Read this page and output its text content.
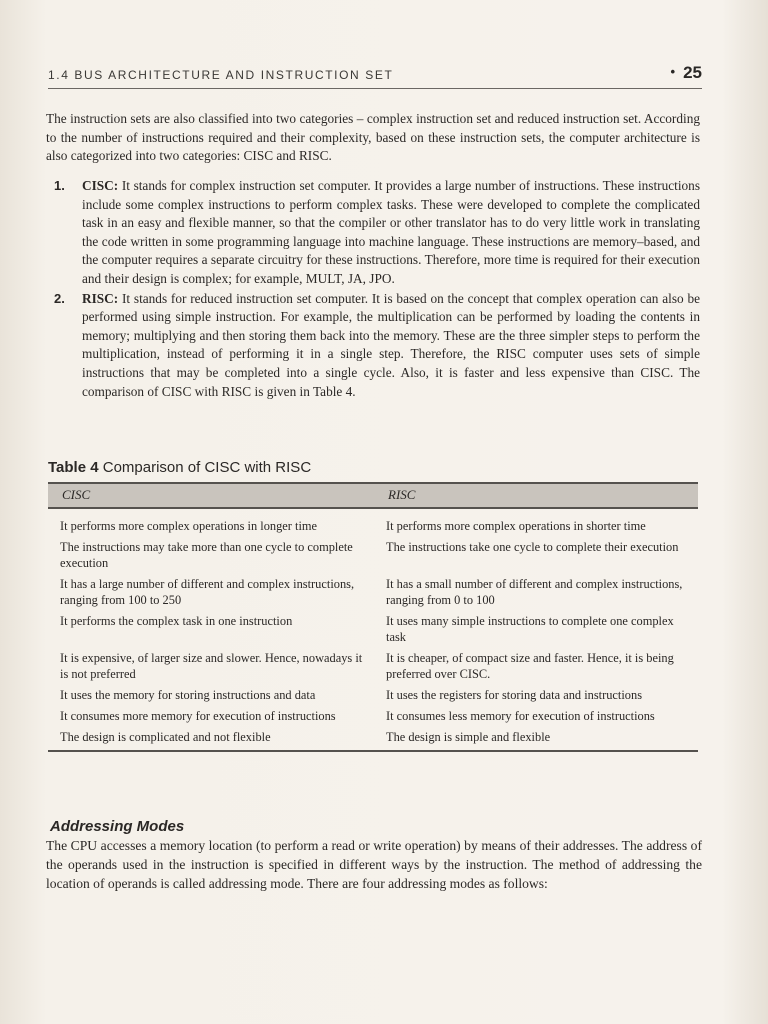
1.4 BUS ARCHITECTURE AND INSTRUCTION SET	• 25

The instruction sets are also classified into two categories – complex instruction set and reduced instruction set. According to the number of instructions required and their complexity, based on these instruction sets, the computer architecture is also categorized into two categories: CISC and RISC.

1. CISC: It stands for complex instruction set computer. It provides a large number of instructions. These instructions include some complex instructions to perform complex tasks. These were developed to complete the complicated task in an easy and flexible manner, so that the compiler or other translator has to do very little work in translating the code written in some programming language into machine language. These instructions are memory–based, and the computer requires a separate circuitry for these instructions. Therefore, more time is required for their execution and their design is complex; for example, MULT, JA, JPO.
2. RISC: It stands for reduced instruction set computer. It is based on the concept that complex operation can also be performed using simple instruction. For example, the multiplication can be performed by loading the contents in memory; multiplying and then storing them back into the memory. These are the three simpler steps to perform the multiplication, instead of performing it in a single step. Therefore, the RISC computer uses sets of simple instructions that may be completed into a single cycle. Also, it is faster and less expensive than CISC. The comparison of CISC with RISC is given in Table 4.
Table 4 Comparison of CISC with RISC
CISC	RISC
It performs more complex operations in longer time	It performs more complex operations in shorter time
The instructions may take more than one cycle to complete execution	The instructions take one cycle to complete their execution
It has a large number of different and complex instructions, ranging from 100 to 250	It has a small number of different and complex instructions, ranging from 0 to 100
It performs the complex task in one instruction	It uses many simple instructions to complete one complex task
It is expensive, of larger size and slower. Hence, nowadays it is not preferred	It is cheaper, of compact size and faster. Hence, it is being preferred over CISC.
It uses the memory for storing instructions and data	It uses the registers for storing data and instructions
It consumes more memory for execution of instructions	It consumes less memory for execution of instructions
The design is complicated and not flexible	The design is simple and flexible
Addressing Modes

The CPU accesses a memory location (to perform a read or write operation) by means of their addresses. The address of the operands used in the instruction is specified in different ways by the instruction. The method of addressing the location of operands is called addressing mode. There are four addressing modes as follows:
